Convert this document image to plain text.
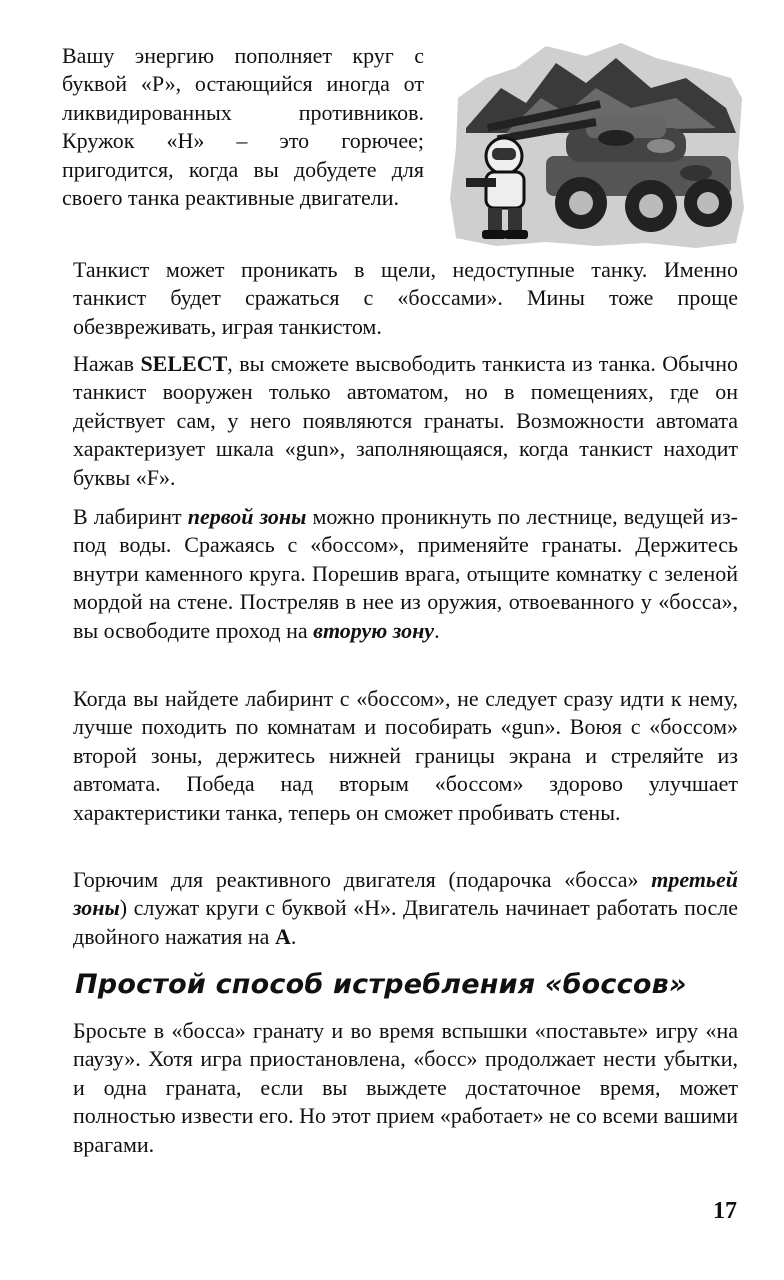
Вашу энергию пополняет круг с буквой «Р», остающийся иногда от ликвидированных противников. Кружок «Н» – это горючее; пригодится, когда вы добудете для своего танка реактивные двигатели.

Танкист может проникать в щели, недоступные танку. Именно танкист будет сражаться с «боссами». Мины тоже проще обезвреживать, играя танкистом.

Нажав SELECT, вы сможете высвободить танкиста из танка. Обычно танкист вооружен только автоматом, но в помещениях, где он действует сам, у него появляются гранаты. Возможности автомата характеризует шкала «gun», заполняющаяся, когда танкист находит буквы «F».

В лабиринт первой зоны можно проникнуть по лестнице, ведущей из-под воды. Сражаясь с «боссом», применяйте гранаты. Держитесь внутри каменного круга. Порешив врага, отыщите комнатку с зеленой мордой на стене. Постреляв в нее из оружия, отвоеванного у «босса», вы освободите проход на вторую зону.

Когда вы найдете лабиринт с «боссом», не следует сразу идти к нему, лучше походить по комнатам и пособирать «gun». Воюя с «боссом» второй зоны, держитесь нижней границы экрана и стреляйте из автомата. Победа над вторым «боссом» здорово улучшает характеристики танка, теперь он сможет пробивать стены.

Горючим для реактивного двигателя (подарочка «босса» третьей зоны) служат круги с буквой «Н». Двигатель начинает работать после двойного нажатия на A.

Простой способ истребления «боссов»

Бросьте в «босса» гранату и во время вспышки «поставьте» игру «на паузу». Хотя игра приостановлена, «босс» продолжает нести убытки, и одна граната, если вы выждете достаточное время, может полностью извести его. Но этот прием «работает» не со всеми вашими врагами.

17
